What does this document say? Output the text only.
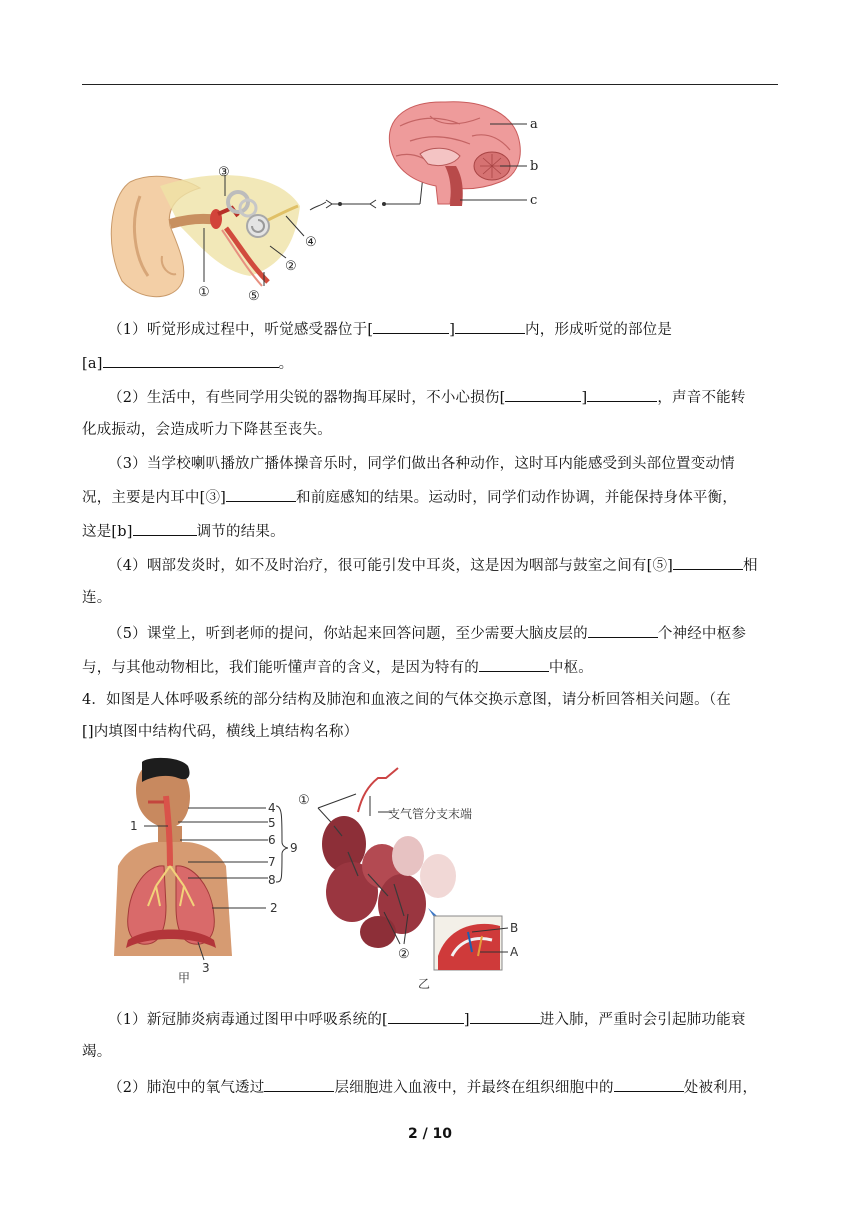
③
①
②
④
⑤
a
b
c
（1）听觉形成过程中，听觉感受器位于[	]	内，形成听觉的部位是
[a]	。
（2）生活中，有些同学用尖锐的器物掏耳屎时，不小心损伤[	]	，声音不能转
化成振动，会造成听力下降甚至丧失。
（3）当学校喇叭播放广播体操音乐时，同学们做出各种动作，这时耳内能感受到头部位置变动情
况，主要是内耳中[③]	和前庭感知的结果。运动时，同学们动作协调，并能保持身体平衡，
这是[b]	调节的结果。
（4）咽部发炎时，如不及时治疗，很可能引发中耳炎，这是因为咽部与鼓室之间有[⑤]	相
连。
（5）课堂上，听到老师的提问，你站起来回答问题，至少需要大脑皮层的	个神经中枢参
与，与其他动物相比，我们能听懂声音的含义，是因为特有的	中枢。
4．如图是人体呼吸系统的部分结构及肺泡和血液之间的气体交换示意图，请分析回答相关问题。（在
[]内填图中结构代码，横线上填结构名称）
1
4
5
6
7
8
9
2
3
甲
①
支气管分支末端
②
B
A
乙
（1）新冠肺炎病毒通过图甲中呼吸系统的[	]	进入肺，严重时会引起肺功能衰
竭。
（2）肺泡中的氧气透过	层细胞进入血液中，并最终在组织细胞中的	处被利用，
2 / 10
